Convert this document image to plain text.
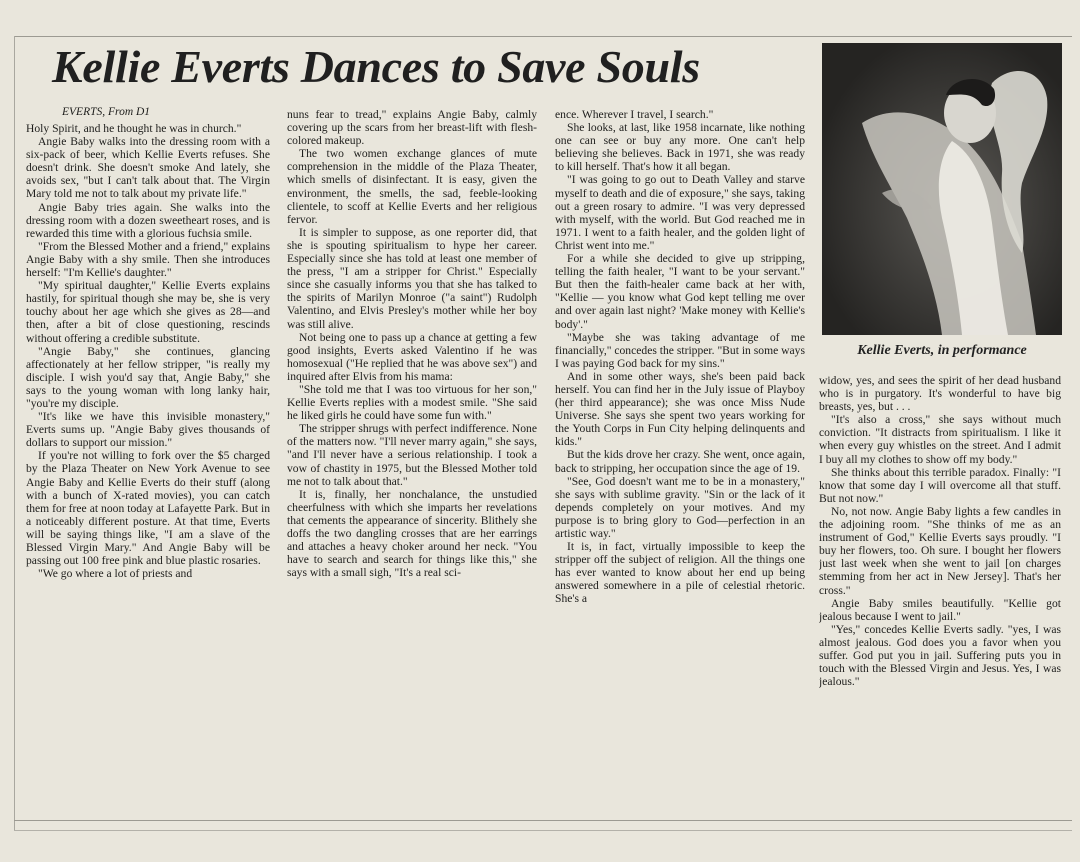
Kellie Everts Dances to Save Souls
EVERTS, From D1

Holy Spirit, and he thought he was in church."

Angie Baby walks into the dressing room with a six-pack of beer, which Kellie Everts refuses. She doesn't drink. She doesn't smoke And lately, she avoids sex, "but I can't talk about that. The Virgin Mary told me not to talk about my private life."

Angie Baby tries again. She walks into the dressing room with a dozen sweetheart roses, and is rewarded this time with a glorious fuchsia smile.

"From the Blessed Mother and a friend," explains Angie Baby with a shy smile. Then she introduces herself: "I'm Kellie's daughter."

"My spiritual daughter," Kellie Everts explains hastily, for spiritual though she may be, she is very touchy about her age which she gives as 28—and then, after a bit of close questioning, rescinds without offering a credible substitute.

"Angie Baby," she continues, glancing affectionately at her fellow stripper, "is really my disciple. I wish you'd say that, Angie Baby," she says to the young woman with long lanky hair, "you're my disciple.

"It's like we have this invisible monastery," Everts sums up. "Angie Baby gives thousands of dollars to support our mission."

If you're not willing to fork over the $5 charged by the Plaza Theater on New York Avenue to see Angie Baby and Kellie Everts do their stuff (along with a bunch of X-rated movies), you can catch them for free at noon today at Lafayette Park. But in a noticeably different posture. At that time, Everts will be saying things like, "I am a slave of the Blessed Virgin Mary." And Angie Baby will be passing out 100 free pink and blue plastic rosaries.

"We go where a lot of priests and

nuns fear to tread," explains Angie Baby, calmly covering up the scars from her breast-lift with flesh-colored makeup.

The two women exchange glances of mute comprehension in the middle of the Plaza Theater, which smells of disinfectant. It is easy, given the environment, the smells, the sad, feeble-looking clientele, to scoff at Kellie Everts and her religious fervor.

It is simpler to suppose, as one reporter did, that she is spouting spiritualism to hype her career. Especially since she has told at least one member of the press, "I am a stripper for Christ." Especially since she casually informs you that she has talked to the spirits of Marilyn Monroe ("a saint") Rudolph Valentino, and Elvis Presley's mother while her boy was still alive.

Not being one to pass up a chance at getting a few good insights, Everts asked Valentino if he was homosexual ("He replied that he was above sex") and inquired after Elvis from his mama:

"She told me that I was too virtuous for her son," Kellie Everts replies with a modest smile. "She said he liked girls he could have some fun with."

The stripper shrugs with perfect indifference. None of the matters now. "I'll never marry again," she says, "and I'll never have a serious relationship. I took a vow of chastity in 1975, but the Blessed Mother told me not to talk about that."

It is, finally, her nonchalance, the unstudied cheerfulness with which she imparts her revelations that cements the appearance of sincerity. Blithely she doffs the two dangling crosses that are her earrings and attaches a heavy choker around her neck. "You have to search and search for things like this," she says with a small sigh, "It's a real sci-

ence. Wherever I travel, I search."

She looks, at last, like 1958 incarnate, like nothing one can see or buy any more. One can't help believing she believes. Back in 1971, she was ready to kill herself. That's how it all began.

"I was going to go out to Death Valley and starve myself to death and die of exposure," she says, taking out a green rosary to admire. "I was very depressed with myself, with the world. But God reached me in 1971. I went to a faith healer, and the golden light of Christ went into me."

For a while she decided to give up stripping, telling the faith healer, "I want to be your servant." But then the faith-healer came back at her with, "Kellie — you know what God kept telling me over and over again last night? 'Make money with Kellie's body'."

"Maybe she was taking advantage of me financially," concedes the stripper. "But in some ways I was paying God back for my sins."

And in some other ways, she's been paid back herself. You can find her in the July issue of Playboy (her third appearance); she was once Miss Nude Universe. She says she spent two years working for the Youth Corps in Fun City helping delinquents and kids."

But the kids drove her crazy. She went, once again, back to stripping, her occupation since the age of 19.

"See, God doesn't want me to be in a monastery," she says with sublime gravity. "Sin or the lack of it depends completely on your motives. And my purpose is to bring glory to God—perfection in an artistic way."

It is, in fact, virtually impossible to keep the stripper off the subject of religion. All the things one has ever wanted to know about her end up being answered somewhere in a pile of celestial rhetoric. She's a

Kellie Everts, in performance

widow, yes, and sees the spirit of her dead husband who is in purgatory. It's wonderful to have big breasts, yes, but . . .

"It's also a cross," she says without much conviction. "It distracts from spiritualism. I like it when every guy whistles on the street. And I admit I buy all my clothes to show off my body."

She thinks about this terrible paradox. Finally: "I know that some day I will overcome all that stuff. But not now."

No, not now. Angie Baby lights a few candles in the adjoining room. "She thinks of me as an instrument of God," Kellie Everts says proudly. "I buy her flowers, too. Oh sure. I bought her flowers just last week when she went to jail [on charges stemming from her act in New Jersey]. That's her cross."

Angie Baby smiles beautifully. "Kellie got jealous because I went to jail."

"Yes," concedes Kellie Everts sadly. "yes, I was almost jealous. God does you a favor when you suffer. God put you in jail. Suffering puts you in touch with the Blessed Virgin and Jesus. Yes, I was jealous."
